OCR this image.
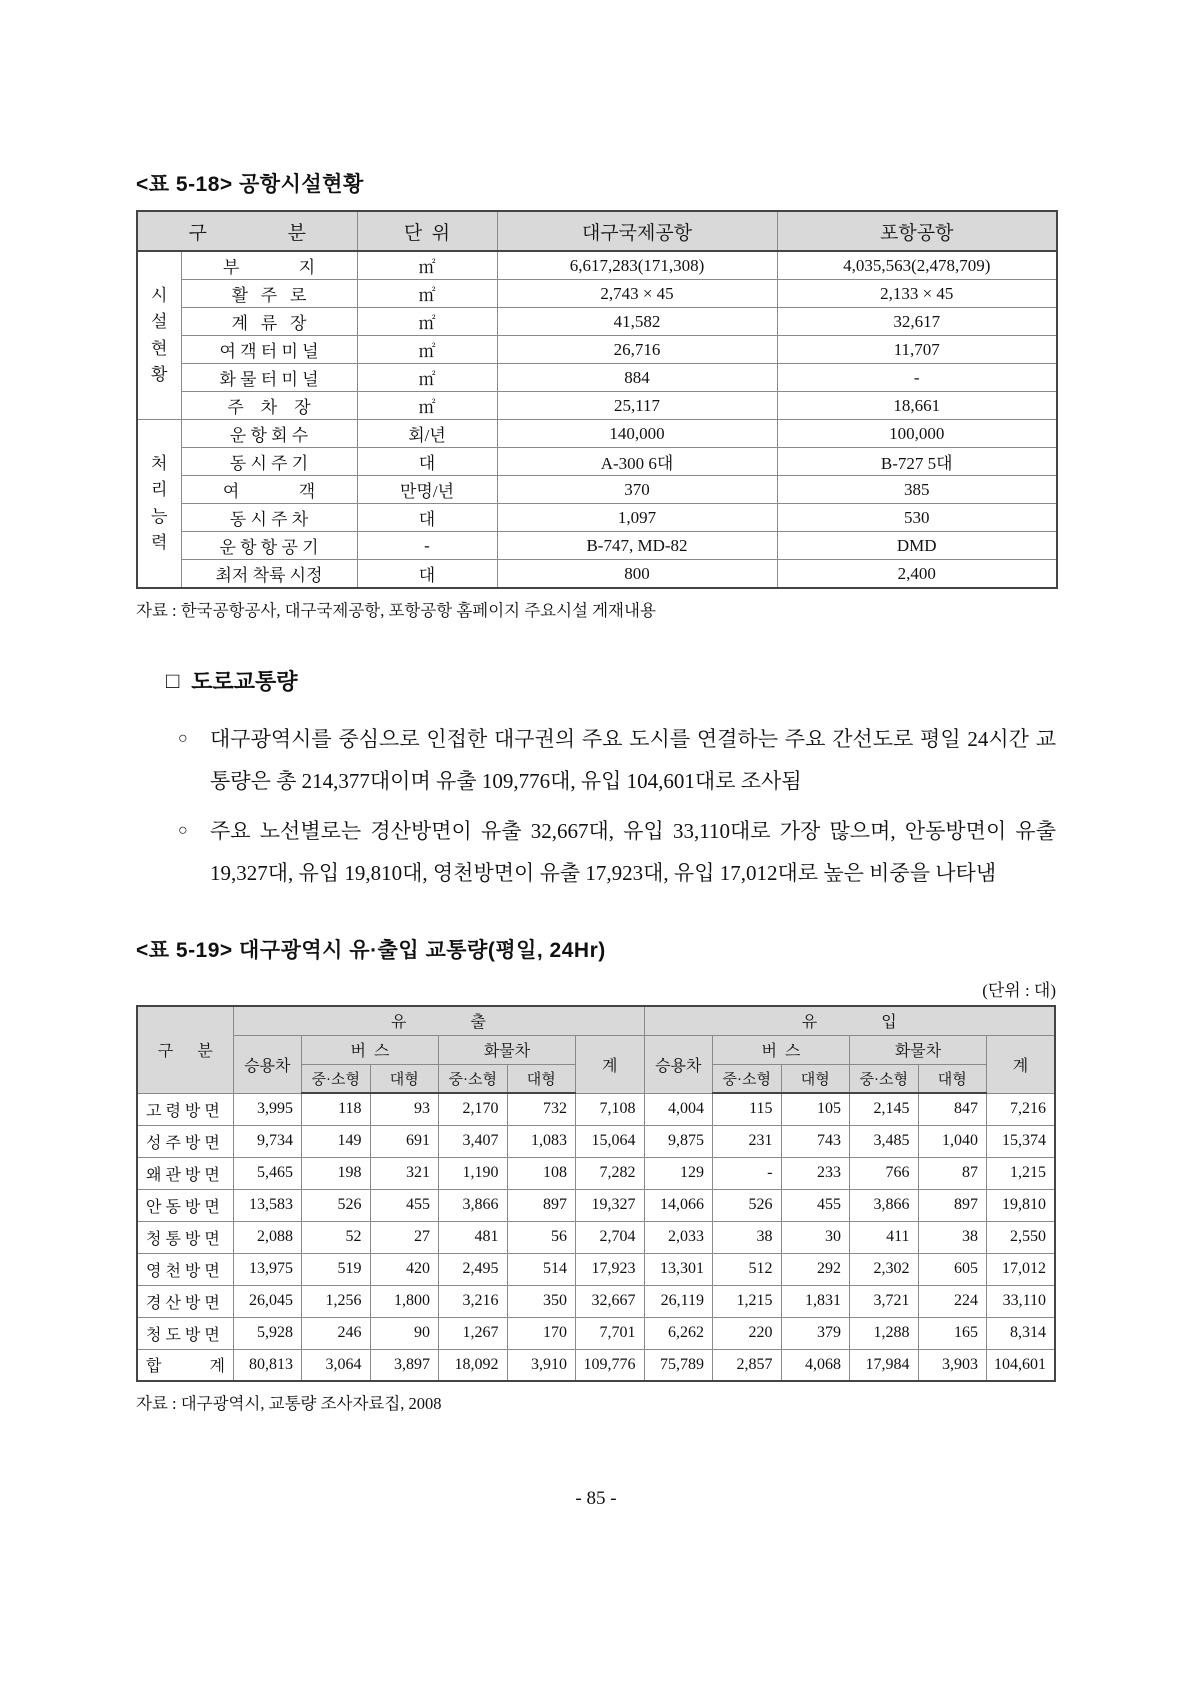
<표 5-18> 공항시설현황
구                 분		단  위	대구국제공항	포항공항
시설현황	부              지	㎡	6,617,283(171,308)	4,035,563(2,478,709)
	활   주   로	㎡	2,743 × 45	2,133 × 45
	계   류   장	㎡	41,582	32,617
	여 객 터 미 널	㎡	26,716	11,707
	화 물 터 미 널	㎡	884	-
	주    차    장	㎡	25,117	18,661
처리능력	운 항 회 수	회/년	140,000	100,000
	동 시 주 기	대	A-300 6대	B-727 5대
	여              객	만명/년	370	385
	동 시 주 차	대	1,097	530
	운 항 항 공 기	-	B-747, MD-82	DMD
	최저 착륙 시정	대	800	2,400
자료 : 한국공항공사, 대구국제공항, 포항공항 홈페이지 주요시설 게재내용
□ 도로교통량
○	대구광역시를 중심으로 인접한 대구권의 주요 도시를 연결하는 주요 간선도로 평일 24시간 교통량은 총 214,377대이며 유출 109,776대, 유입 104,601대로 조사됨
○	주요 노선별로는 경산방면이 유출 32,667대, 유입 33,110대로 가장 많으며, 안동방면이 유출 19,327대, 유입 19,810대, 영천방면이 유출 17,923대, 유입 17,012대로 높은 비중을 나타냄
<표 5-19> 대구광역시 유·출입 교통량(평일, 24Hr)
(단위 : 대)
구      분	유                출						유                입					
	승용차	버  스		화물차		계	승용차	버  스		화물차		계
		중·소형	대형	중·소형	대형			중·소형	대형	중·소형	대형	
고 령 방 면	3,995	118	93	2,170	732	7,108	4,004	115	105	2,145	847	7,216
성 주 방 면	9,734	149	691	3,407	1,083	15,064	9,875	231	743	3,485	1,040	15,374
왜 관 방 면	5,465	198	321	1,190	108	7,282	129	-	233	766	87	1,215
안 동 방 면	13,583	526	455	3,866	897	19,327	14,066	526	455	3,866	897	19,810
청 통 방 면	2,088	52	27	481	56	2,704	2,033	38	30	411	38	2,550
영 천 방 면	13,975	519	420	2,495	514	17,923	13,301	512	292	2,302	605	17,012
경 산 방 면	26,045	1,256	1,800	3,216	350	32,667	26,119	1,215	1,831	3,721	224	33,110
청 도 방 면	5,928	246	90	1,267	170	7,701	6,262	220	379	1,288	165	8,314
합            계	80,813	3,064	3,897	18,092	3,910	109,776	75,789	2,857	4,068	17,984	3,903	104,601
자료 : 대구광역시, 교통량 조사자료집, 2008
- 85 -
